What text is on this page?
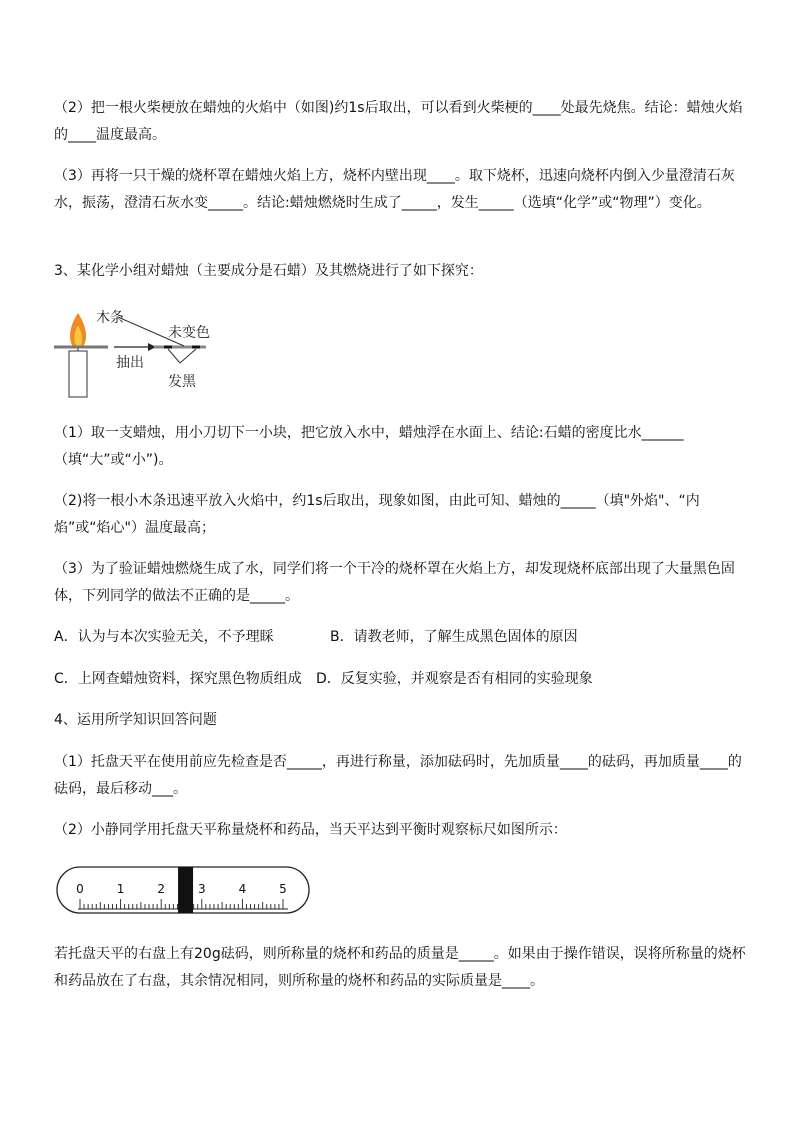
（2）把一根火柴梗放在蜡烛的火焰中（如图)约1s后取出，可以看到火柴梗的____处最先烧焦。结论：蜡烛火焰的____温度最高。

（3）再将一只干燥的烧杯罩在蜡烛火焰上方，烧杯内壁出现____。取下烧杯，迅速向烧杯内倒入少量澄清石灰水，振荡，澄清石灰水变_____。结论:蜡烛燃烧时生成了_____，发生_____（选填“化学”或“物理”）变化。

3、某化学小组对蜡烛（主要成分是石蜡）及其燃烧进行了如下探究：

木条
未变色
抽出
发黑

（1）取一支蜡烛，用小刀切下一小块，把它放入水中，蜡烛浮在水面上、结论:石蜡的密度比水______（填“大”或“小”)。

（2)将一根小木条迅速平放入火焰中，约1s后取出，现象如图，由此可知、蜡烛的_____（填"外焰"、“内焰”或“焰心"）温度最高；

（3）为了验证蜡烛燃烧生成了水，同学们将一个干冷的烧杯罩在火焰上方，却发现烧杯底部出现了大量黑色固体，下列同学的做法不正确的是_____。

A．认为与本次实验无关，不予理睬	B．请教老师，了解生成黑色固体的原因

C．上网查蜡烛资料，探究黑色物质组成 D．反复实验，并观察是否有相同的实验现象

4、运用所学知识回答问题

（1）托盘天平在使用前应先检查是否_____，再进行称量，添加砝码时，先加质量____的砝码，再加质量____的砝码，最后移动___。

（2）小静同学用托盘天平称量烧杯和药品，当天平达到平衡时观察标尺如图所示：

0	1	2	3	4	5

若托盘天平的右盘上有20g砝码，则所称量的烧杯和药品的质量是_____。如果由于操作错误，误将所称量的烧杯和药品放在了右盘，其余情况相同，则所称量的烧杯和药品的实际质量是____。
